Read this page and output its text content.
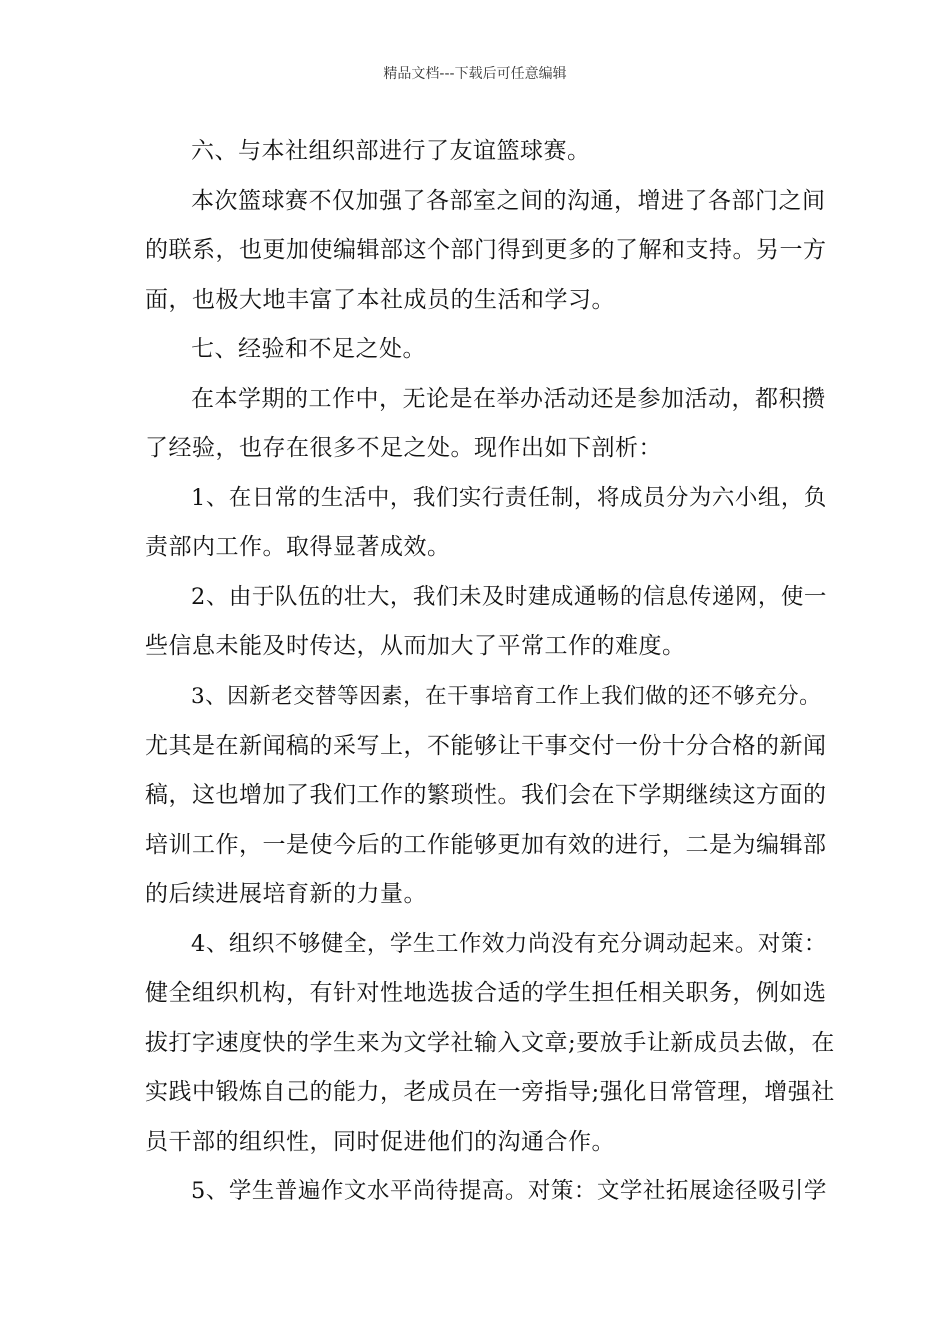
精品文档---下载后可任意编辑
六、与本社组织部进行了友谊篮球赛。
本次篮球赛不仅加强了各部室之间的沟通，增进了各部门之间
的联系，也更加使编辑部这个部门得到更多的了解和支持。另一方
面，也极大地丰富了本社成员的生活和学习。
七、经验和不足之处。
在本学期的工作中，无论是在举办活动还是参加活动，都积攒
了经验，也存在很多不足之处。现作出如下剖析：
1、在日常的生活中，我们实行责任制，将成员分为六小组，负
责部内工作。取得显著成效。
2、由于队伍的壮大，我们未及时建成通畅的信息传递网，使一
些信息未能及时传达，从而加大了平常工作的难度。
3、因新老交替等因素，在干事培育工作上我们做的还不够充分。
尤其是在新闻稿的采写上，不能够让干事交付一份十分合格的新闻
稿，这也增加了我们工作的繁琐性。我们会在下学期继续这方面的
培训工作，一是使今后的工作能够更加有效的进行，二是为编辑部
的后续进展培育新的力量。
4、组织不够健全，学生工作效力尚没有充分调动起来。对策：
健全组织机构，有针对性地选拔合适的学生担任相关职务，例如选
拔打字速度快的学生来为文学社输入文章;要放手让新成员去做，在
实践中锻炼自己的能力，老成员在一旁指导;强化日常管理，增强社
员干部的组织性，同时促进他们的沟通合作。
5、学生普遍作文水平尚待提高。对策：文学社拓展途径吸引学
